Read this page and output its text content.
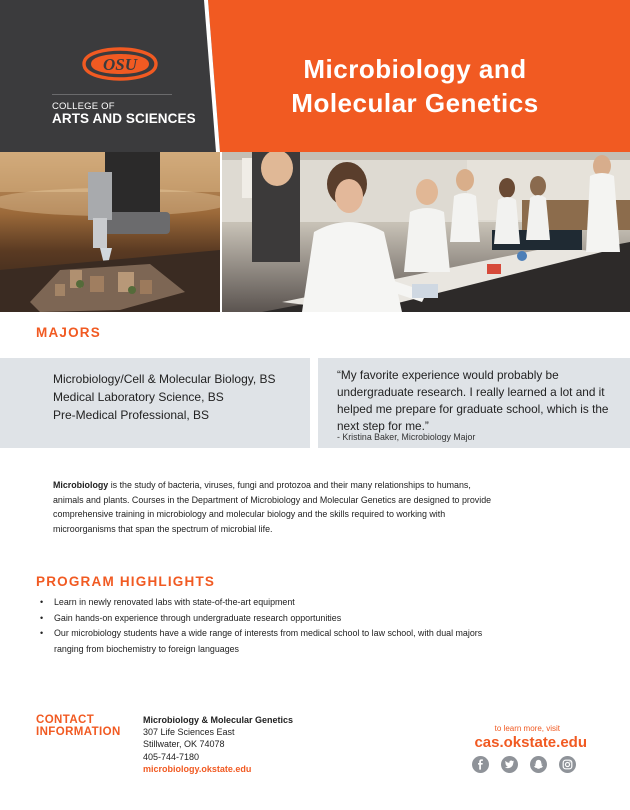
OSU
COLLEGE OF
ARTS AND SCIENCES
Microbiology and
Molecular Genetics
MAJORS
Microbiology/Cell & Molecular Biology, BS
Medical Laboratory Science, BS
Pre-Medical Professional, BS
“My favorite experience would probably be undergraduate research. I really learned a lot and it helped me prepare for graduate school, which is the next step for me.”
- Kristina Baker, Microbiology Major
Microbiology is the study of bacteria, viruses, fungi and protozoa and their many relationships to humans, animals and plants. Courses in the Department of Microbiology and Molecular Genetics are designed to provide comprehensive training in microbiology and molecular biology and the skills required to working with microorganisms that span the spectrum of microbial life.
PROGRAM HIGHLIGHTS
• Learn in newly renovated labs with state-of-the-art equipment
• Gain hands-on experience through undergraduate research opportunities
• Our microbiology students have a wide range of interests from medical school to law school, with dual majors ranging from biochemistry to foreign languages
CONTACT
INFORMATION
Microbiology & Molecular Genetics
307 Life Sciences East
Stillwater, OK 74078
405-744-7180
microbiology.okstate.edu
to learn more, visit
cas.okstate.edu
